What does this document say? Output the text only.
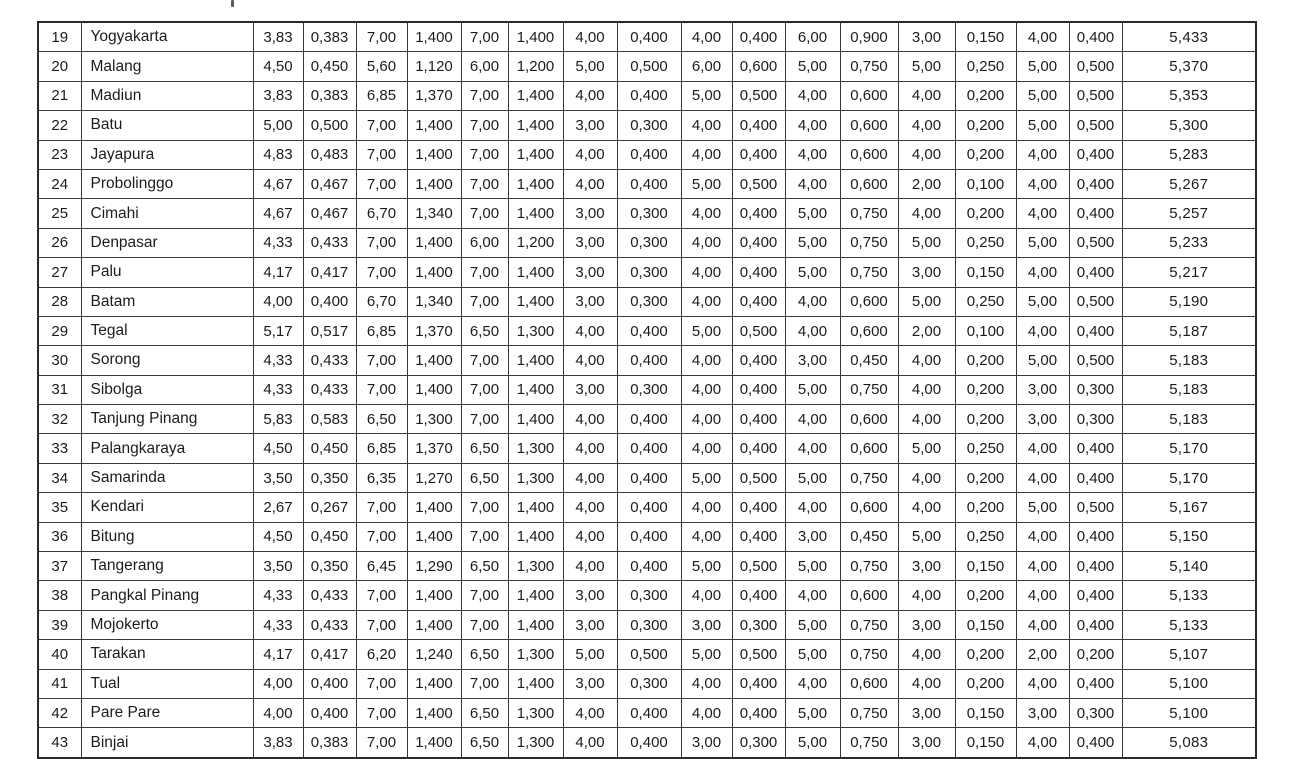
19	Yogyakarta	3,83	0,383	7,00	1,400	7,00	1,400	4,00	0,400	4,00	0,400	6,00	0,900	3,00	0,150	4,00	0,400	5,433
20	Malang	4,50	0,450	5,60	1,120	6,00	1,200	5,00	0,500	6,00	0,600	5,00	0,750	5,00	0,250	5,00	0,500	5,370
21	Madiun	3,83	0,383	6,85	1,370	7,00	1,400	4,00	0,400	5,00	0,500	4,00	0,600	4,00	0,200	5,00	0,500	5,353
22	Batu	5,00	0,500	7,00	1,400	7,00	1,400	3,00	0,300	4,00	0,400	4,00	0,600	4,00	0,200	5,00	0,500	5,300
23	Jayapura	4,83	0,483	7,00	1,400	7,00	1,400	4,00	0,400	4,00	0,400	4,00	0,600	4,00	0,200	4,00	0,400	5,283
24	Probolinggo	4,67	0,467	7,00	1,400	7,00	1,400	4,00	0,400	5,00	0,500	4,00	0,600	2,00	0,100	4,00	0,400	5,267
25	Cimahi	4,67	0,467	6,70	1,340	7,00	1,400	3,00	0,300	4,00	0,400	5,00	0,750	4,00	0,200	4,00	0,400	5,257
26	Denpasar	4,33	0,433	7,00	1,400	6,00	1,200	3,00	0,300	4,00	0,400	5,00	0,750	5,00	0,250	5,00	0,500	5,233
27	Palu	4,17	0,417	7,00	1,400	7,00	1,400	3,00	0,300	4,00	0,400	5,00	0,750	3,00	0,150	4,00	0,400	5,217
28	Batam	4,00	0,400	6,70	1,340	7,00	1,400	3,00	0,300	4,00	0,400	4,00	0,600	5,00	0,250	5,00	0,500	5,190
29	Tegal	5,17	0,517	6,85	1,370	6,50	1,300	4,00	0,400	5,00	0,500	4,00	0,600	2,00	0,100	4,00	0,400	5,187
30	Sorong	4,33	0,433	7,00	1,400	7,00	1,400	4,00	0,400	4,00	0,400	3,00	0,450	4,00	0,200	5,00	0,500	5,183
31	Sibolga	4,33	0,433	7,00	1,400	7,00	1,400	3,00	0,300	4,00	0,400	5,00	0,750	4,00	0,200	3,00	0,300	5,183
32	Tanjung Pinang	5,83	0,583	6,50	1,300	7,00	1,400	4,00	0,400	4,00	0,400	4,00	0,600	4,00	0,200	3,00	0,300	5,183
33	Palangkaraya	4,50	0,450	6,85	1,370	6,50	1,300	4,00	0,400	4,00	0,400	4,00	0,600	5,00	0,250	4,00	0,400	5,170
34	Samarinda	3,50	0,350	6,35	1,270	6,50	1,300	4,00	0,400	5,00	0,500	5,00	0,750	4,00	0,200	4,00	0,400	5,170
35	Kendari	2,67	0,267	7,00	1,400	7,00	1,400	4,00	0,400	4,00	0,400	4,00	0,600	4,00	0,200	5,00	0,500	5,167
36	Bitung	4,50	0,450	7,00	1,400	7,00	1,400	4,00	0,400	4,00	0,400	3,00	0,450	5,00	0,250	4,00	0,400	5,150
37	Tangerang	3,50	0,350	6,45	1,290	6,50	1,300	4,00	0,400	5,00	0,500	5,00	0,750	3,00	0,150	4,00	0,400	5,140
38	Pangkal Pinang	4,33	0,433	7,00	1,400	7,00	1,400	3,00	0,300	4,00	0,400	4,00	0,600	4,00	0,200	4,00	0,400	5,133
39	Mojokerto	4,33	0,433	7,00	1,400	7,00	1,400	3,00	0,300	3,00	0,300	5,00	0,750	3,00	0,150	4,00	0,400	5,133
40	Tarakan	4,17	0,417	6,20	1,240	6,50	1,300	5,00	0,500	5,00	0,500	5,00	0,750	4,00	0,200	2,00	0,200	5,107
41	Tual	4,00	0,400	7,00	1,400	7,00	1,400	3,00	0,300	4,00	0,400	4,00	0,600	4,00	0,200	4,00	0,400	5,100
42	Pare Pare	4,00	0,400	7,00	1,400	6,50	1,300	4,00	0,400	4,00	0,400	5,00	0,750	3,00	0,150	3,00	0,300	5,100
43	Binjai	3,83	0,383	7,00	1,400	6,50	1,300	4,00	0,400	3,00	0,300	5,00	0,750	3,00	0,150	4,00	0,400	5,083
